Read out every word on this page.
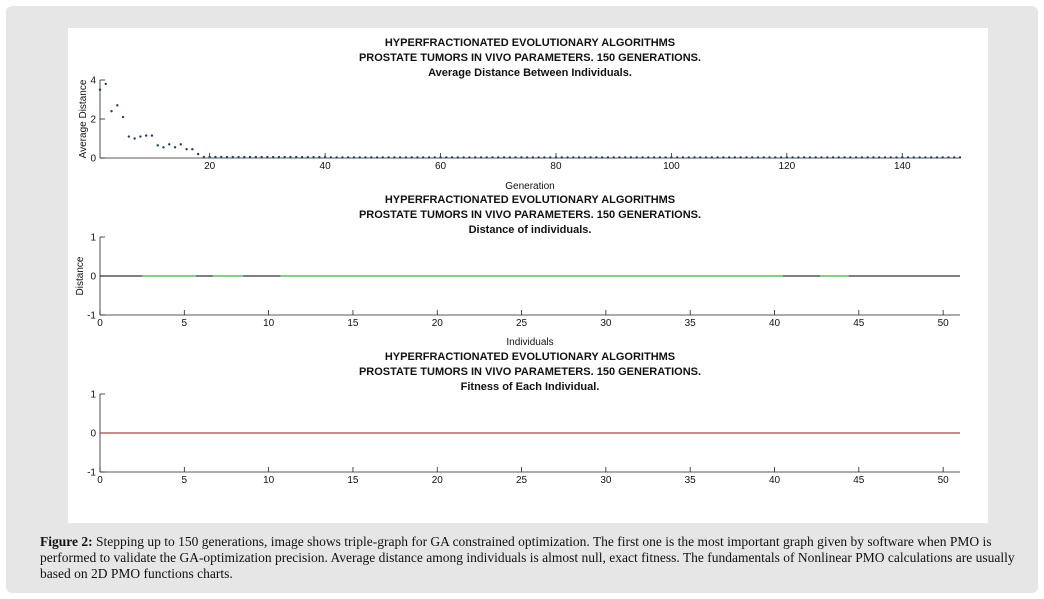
Figure 2: Stepping up to 150 generations, image shows triple-graph for GA constrained optimization. The first one is the most important graph given by software when PMO is performed to validate the GA-optimization precision. Average distance among individuals is almost null, exact fitness. The fundamentals of Nonlinear PMO calculations are usually based on 2D PMO functions charts.
HYPERFRACTIONATED EVOLUTIONARY ALGORITHMS
PROSTATE TUMORS IN VIVO PARAMETERS. 150 GENERATIONS.
Average Distance Between Individuals.
0
2
4
20	40	60	80	100	120	140
Generation
Average Distance
HYPERFRACTIONATED EVOLUTIONARY ALGORITHMS
PROSTATE TUMORS IN VIVO PARAMETERS. 150 GENERATIONS.
Distance of individuals.
-1
0
1
0	5	10	15	20	25	30	35	40	45	50
Individuals
Distance
HYPERFRACTIONATED EVOLUTIONARY ALGORITHMS
PROSTATE TUMORS IN VIVO PARAMETERS. 150 GENERATIONS.
Fitness of Each Individual.
-1
0
1
0	5	10	15	20	25	30	35	40	45	50
